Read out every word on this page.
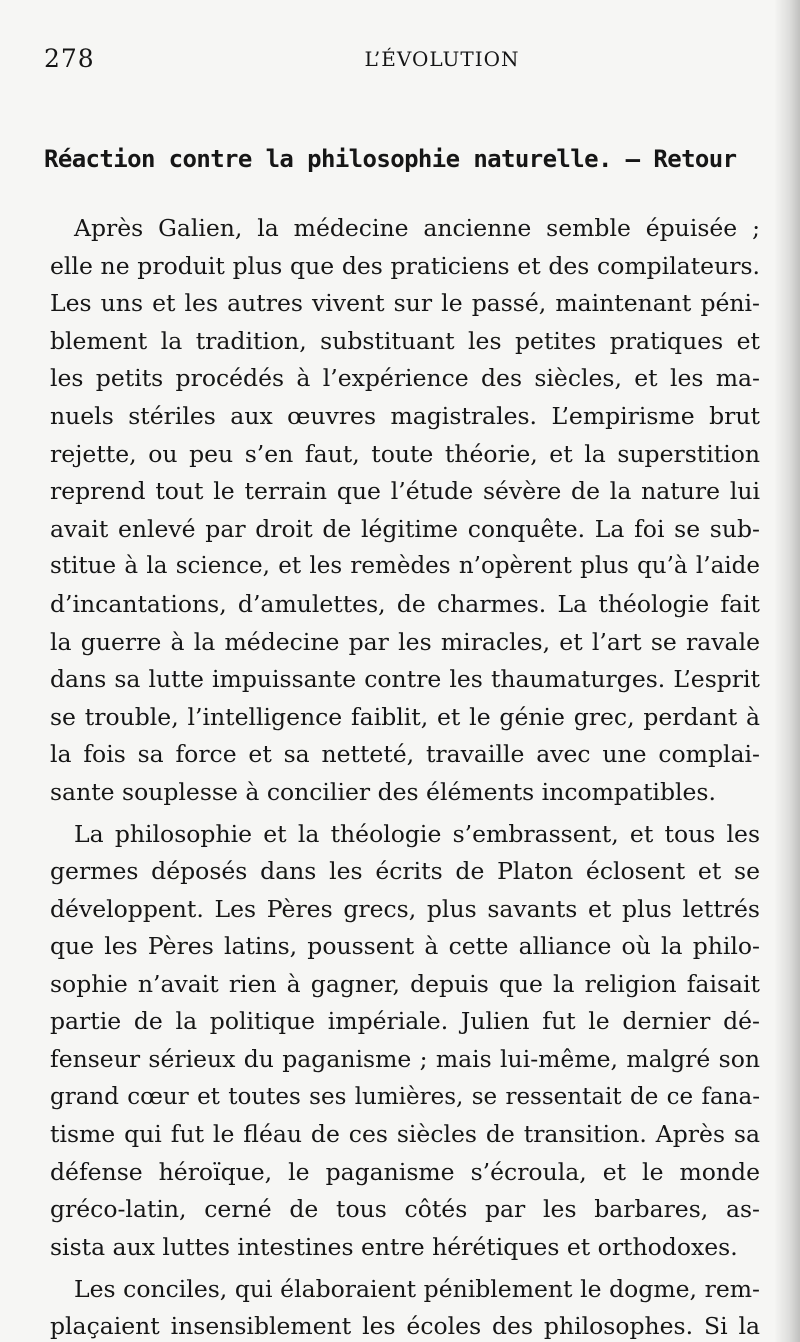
278	L’ÉVOLUTION
Réaction contre la philosophie naturelle. — Retour
Après Galien, la médecine ancienne semble épuisée ;
elle ne produit plus que des praticiens et des compilateurs.
Les uns et les autres vivent sur le passé, maintenant péni-
blement la tradition, substituant les petites pratiques et
les petits procédés à l’expérience des siècles, et les ma-
nuels stériles aux œuvres magistrales. L’empirisme brut
rejette, ou peu s’en faut, toute théorie, et la superstition
reprend tout le terrain que l’étude sévère de la nature lui
avait enlevé par droit de légitime conquête. La foi se sub-
stitue à la science, et les remèdes n’opèrent plus qu’à l’aide
d’incantations, d’amulettes, de charmes. La théologie fait
la guerre à la médecine par les miracles, et l’art se ravale
dans sa lutte impuissante contre les thaumaturges. L’esprit
se trouble, l’intelligence faiblit, et le génie grec, perdant à
la fois sa force et sa netteté, travaille avec une complai-
sante souplesse à concilier des éléments incompatibles.
La philosophie et la théologie s’embrassent, et tous les
germes déposés dans les écrits de Platon éclosent et se
développent. Les Pères grecs, plus savants et plus lettrés
que les Pères latins, poussent à cette alliance où la philo-
sophie n’avait rien à gagner, depuis que la religion faisait
partie de la politique impériale. Julien fut le dernier dé-
fenseur sérieux du paganisme ; mais lui-même, malgré son
grand cœur et toutes ses lumières, se ressentait de ce fana-
tisme qui fut le fléau de ces siècles de transition. Après sa
défense héroïque, le paganisme s’écroula, et le monde
gréco-latin, cerné de tous côtés par les barbares, as-
sista aux luttes intestines entre hérétiques et orthodoxes.
Les conciles, qui élaboraient péniblement le dogme, rem-
plaçaient insensiblement les écoles des philosophes. Si la
